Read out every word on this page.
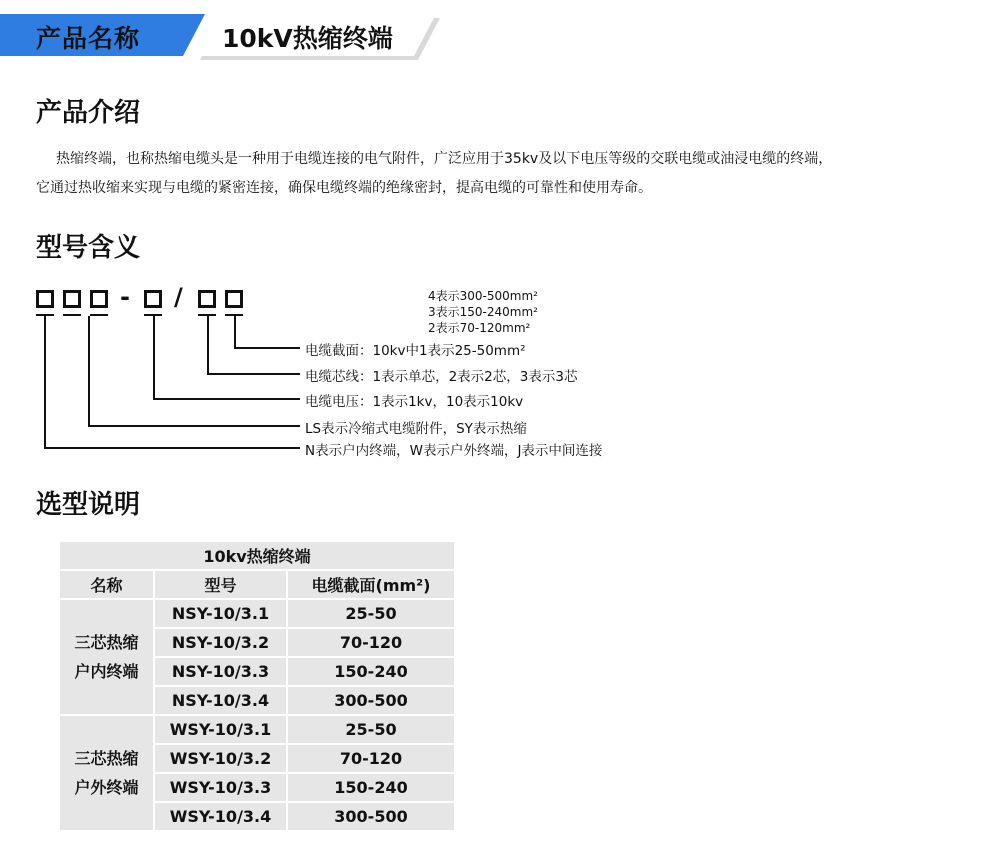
产品名称	10kV热缩终端
产品介绍

热缩终端，也称热缩电缆头是一种用于电缆连接的电气附件，广泛应用于35kv及以下电压等级的交联电缆或油浸电缆的终端，
它通过热收缩来实现与电缆的紧密连接，确保电缆终端的绝缘密封，提高电缆的可靠性和使用寿命。

型号含义
- /	4表示300-500mm²
3表示150-240mm²
2表示70-120mm²
电缆截面：10kv中1表示25-50mm²
电缆芯线：1表示单芯，2表示2芯，3表示3芯
电缆电压：1表示1kv，10表示10kv
LS表示冷缩式电缆附件，SY表示热缩
N表示户内终端，W表示户外终端，J表示中间连接
选型说明
10kv热缩终端		
名称	型号	电缆截面(mm²)
三芯热缩
户内终端	NSY-10/3.1	25-50
	NSY-10/3.2	70-120
	NSY-10/3.3	150-240
	NSY-10/3.4	300-500
三芯热缩
户外终端	WSY-10/3.1	25-50
	WSY-10/3.2	70-120
	WSY-10/3.3	150-240
	WSY-10/3.4	300-500
